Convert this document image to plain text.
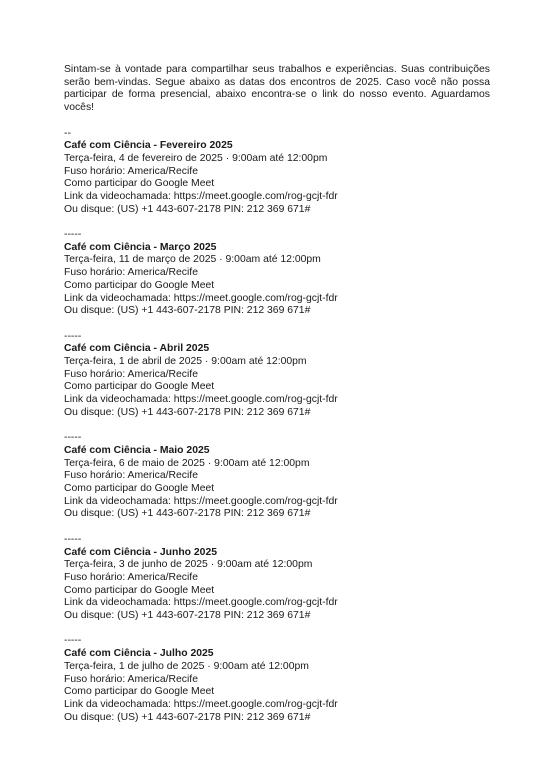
Sintam-se à vontade para compartilhar seus trabalhos e experiências. Suas contribuições serão bem-vindas. Segue abaixo as datas dos encontros de 2025. Caso você não possa participar de forma presencial, abaixo encontra-se o link do nosso evento. Aguardamos vocês!

--
Café com Ciência - Fevereiro 2025
Terça-feira, 4 de fevereiro de 2025 · 9:00am até 12:00pm
Fuso horário: America/Recife
Como participar do Google Meet
Link da videochamada: https://meet.google.com/rog-gcjt-fdr
Ou disque: (US) +1 443-607-2178 PIN: 212 369 671#
-----
Café com Ciência - Março 2025
Terça-feira, 11 de março de 2025 · 9:00am até 12:00pm
Fuso horário: America/Recife
Como participar do Google Meet
Link da videochamada: https://meet.google.com/rog-gcjt-fdr
Ou disque: (US) +1 443-607-2178 PIN: 212 369 671#
-----
Café com Ciência - Abril 2025
Terça-feira, 1 de abril de 2025 · 9:00am até 12:00pm
Fuso horário: America/Recife
Como participar do Google Meet
Link da videochamada: https://meet.google.com/rog-gcjt-fdr
Ou disque: (US) +1 443-607-2178 PIN: 212 369 671#
-----
Café com Ciência - Maio 2025
Terça-feira, 6 de maio de 2025 · 9:00am até 12:00pm
Fuso horário: America/Recife
Como participar do Google Meet
Link da videochamada: https://meet.google.com/rog-gcjt-fdr
Ou disque: (US) +1 443-607-2178 PIN: 212 369 671#
-----
Café com Ciência - Junho 2025
Terça-feira, 3 de junho de 2025 · 9:00am até 12:00pm
Fuso horário: America/Recife
Como participar do Google Meet
Link da videochamada: https://meet.google.com/rog-gcjt-fdr
Ou disque: (US) +1 443-607-2178 PIN: 212 369 671#
-----
Café com Ciência - Julho 2025
Terça-feira, 1 de julho de 2025 · 9:00am até 12:00pm
Fuso horário: America/Recife
Como participar do Google Meet
Link da videochamada: https://meet.google.com/rog-gcjt-fdr
Ou disque: (US) +1 443-607-2178 PIN: 212 369 671#
